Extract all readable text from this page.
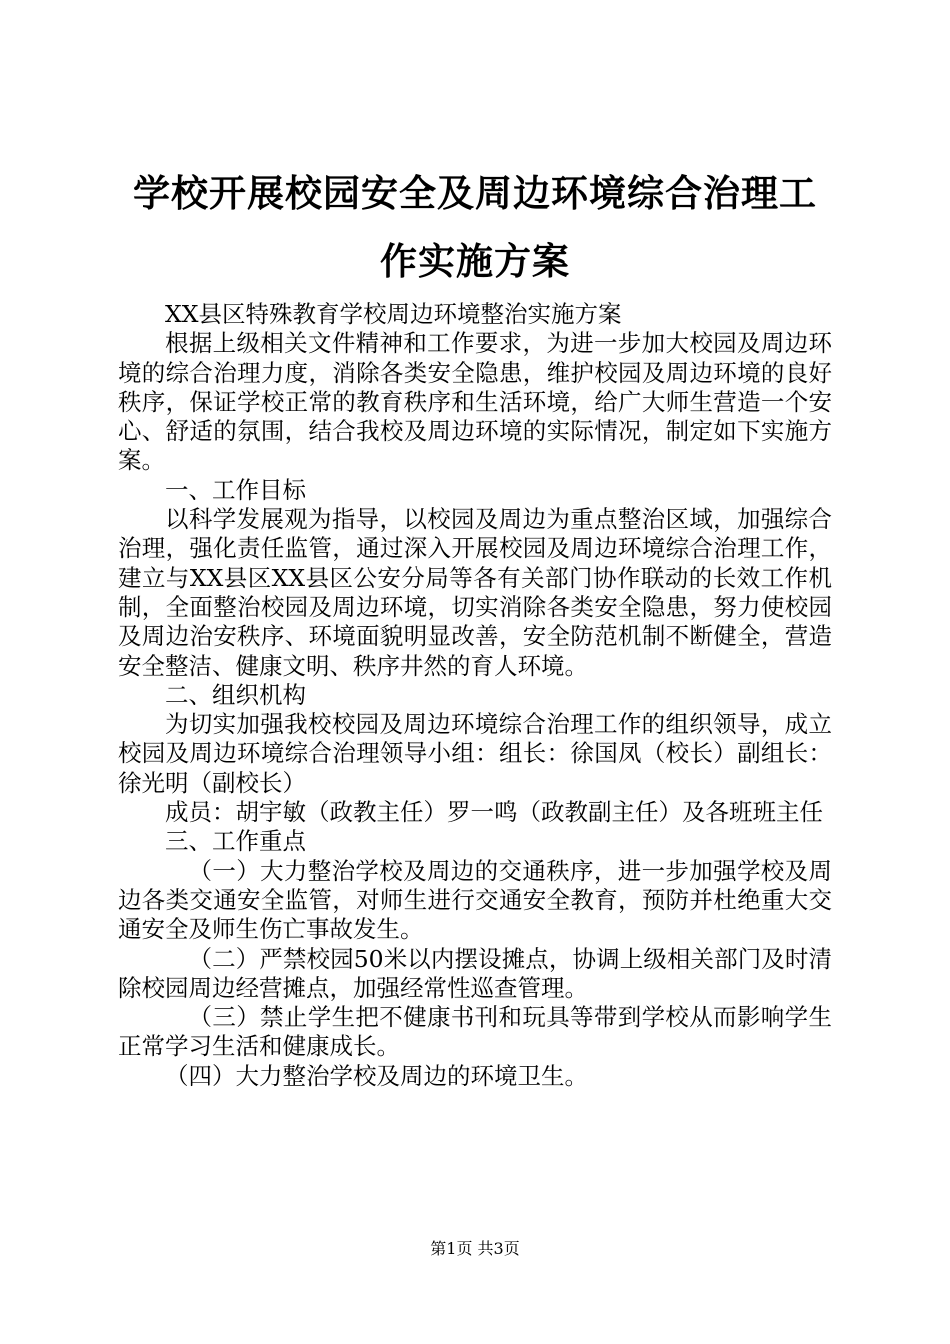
学校开展校园安全及周边环境综合治理工作实施方案

XX县区特殊教育学校周边环境整治实施方案

根据上级相关文件精神和工作要求，为进一步加大校园及周边环境的综合治理力度，消除各类安全隐患，维护校园及周边环境的良好秩序，保证学校正常的教育秩序和生活环境，给广大师生营造一个安心、舒适的氛围，结合我校及周边环境的实际情况，制定如下实施方案。

一、工作目标

以科学发展观为指导，以校园及周边为重点整治区域，加强综合治理，强化责任监管，通过深入开展校园及周边环境综合治理工作，建立与XX县区XX县区公安分局等各有关部门协作联动的长效工作机制，全面整治校园及周边环境，切实消除各类安全隐患，努力使校园及周边治安秩序、环境面貌明显改善，安全防范机制不断健全，营造安全整洁、健康文明、秩序井然的育人环境。

二、组织机构

为切实加强我校校园及周边环境综合治理工作的组织领导，成立校园及周边环境综合治理领导小组：组长：徐国凤（校长）副组长：徐光明（副校长）

成员：胡宇敏（政教主任）罗一鸣（政教副主任）及各班班主任

三、工作重点

（一）大力整治学校及周边的交通秩序，进一步加强学校及周边各类交通安全监管，对师生进行交通安全教育，预防并杜绝重大交通安全及师生伤亡事故发生。

（二）严禁校园50米以内摆设摊点，协调上级相关部门及时清除校园周边经营摊点，加强经常性巡查管理。

（三）禁止学生把不健康书刊和玩具等带到学校从而影响学生正常学习生活和健康成长。

（四）大力整治学校及周边的环境卫生。

第1页 共3页
